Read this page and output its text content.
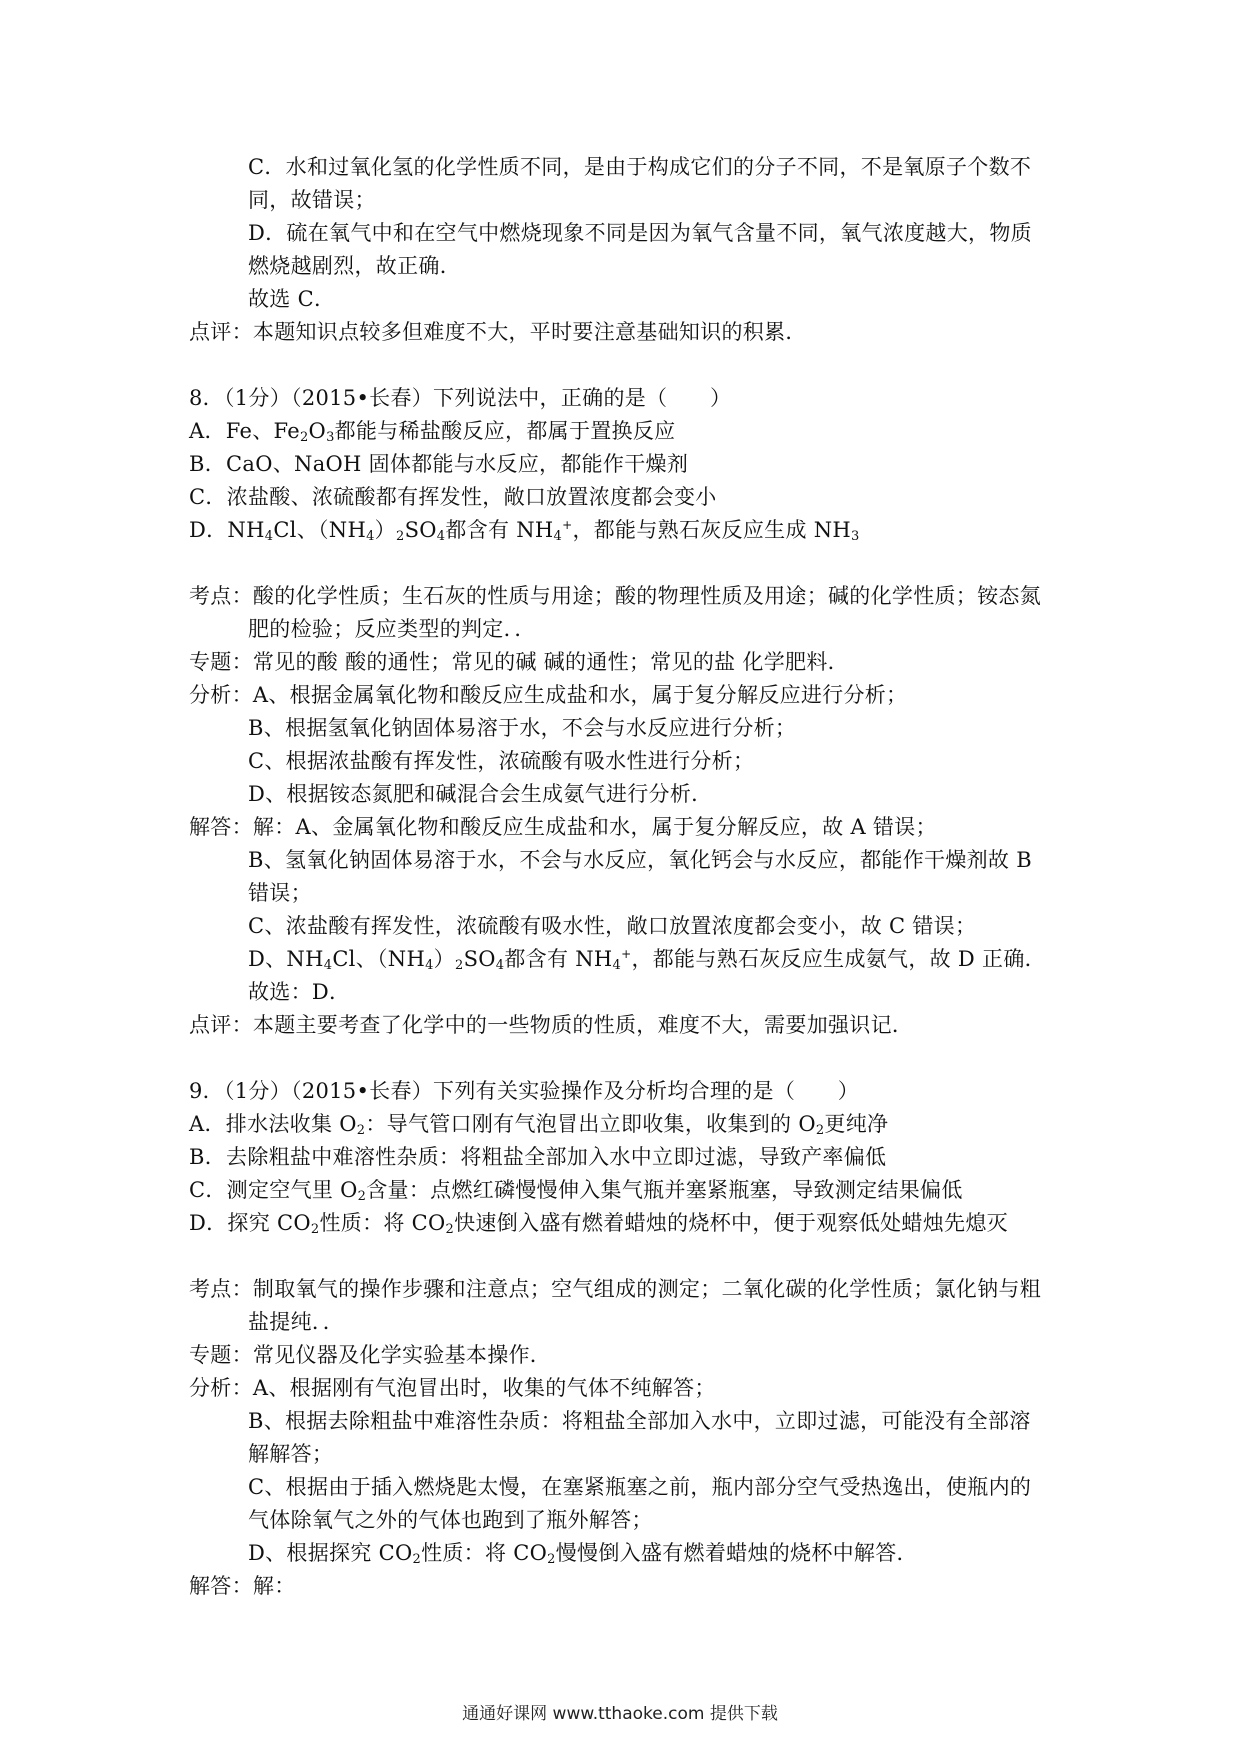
C．水和过氧化氢的化学性质不同，是由于构成它们的分子不同，不是氧原子个数不
同，故错误；
D．硫在氧气中和在空气中燃烧现象不同是因为氧气含量不同，氧气浓度越大，物质
燃烧越剧烈，故正确．
故选 C．
点评：本题知识点较多但难度不大，平时要注意基础知识的积累．
8．（1分）（2015•长春）下列说法中，正确的是（　　）
A．Fe、$Fe_2O_3$都能与稀盐酸反应，都属于置换反应
B．CaO、NaOH 固体都能与水反应，都能作干燥剂
C．浓盐酸、浓硫酸都有挥发性，敞口放置浓度都会变小
D．$NH_4Cl$、$(NH_4)_2SO_4$都含有 $NH_4^+$，都能与熟石灰反应生成 $NH_3$
考点：酸的化学性质；生石灰的性质与用途；酸的物理性质及用途；碱的化学性质；铵态氮
肥的检验；反应类型的判定．．
专题：常见的酸 酸的通性；常见的碱 碱的通性；常见的盐 化学肥料．
分析：A、根据金属氧化物和酸反应生成盐和水，属于复分解反应进行分析；
B、根据氢氧化钠固体易溶于水，不会与水反应进行分析；
C、根据浓盐酸有挥发性，浓硫酸有吸水性进行分析；
D、根据铵态氮肥和碱混合会生成氨气进行分析．
解答：解：A、金属氧化物和酸反应生成盐和水，属于复分解反应，故 A 错误；
B、氢氧化钠固体易溶于水，不会与水反应，氧化钙会与水反应，都能作干燥剂故 B
错误；
C、浓盐酸有挥发性，浓硫酸有吸水性，敞口放置浓度都会变小，故 C 错误；
D、$NH_4Cl$、$(NH_4)_2SO_4$都含有 $NH_4^+$，都能与熟石灰反应生成氨气，故 D 正确．
故选：D．
点评：本题主要考查了化学中的一些物质的性质，难度不大，需要加强识记．
9．（1分）（2015•长春）下列有关实验操作及分析均合理的是（　　）
A．排水法收集 $O_2$：导气管口刚有气泡冒出立即收集，收集到的 $O_2$更纯净
B．去除粗盐中难溶性杂质：将粗盐全部加入水中立即过滤，导致产率偏低
C．测定空气里 $O_2$含量：点燃红磷慢慢伸入集气瓶并塞紧瓶塞，导致测定结果偏低
D．探究 $CO_2$性质：将 $CO_2$快速倒入盛有燃着蜡烛的烧杯中，便于观察低处蜡烛先熄灭
考点：制取氧气的操作步骤和注意点；空气组成的测定；二氧化碳的化学性质；氯化钠与粗
盐提纯．．
专题：常见仪器及化学实验基本操作．
分析：A、根据刚有气泡冒出时，收集的气体不纯解答；
B、根据去除粗盐中难溶性杂质：将粗盐全部加入水中，立即过滤，可能没有全部溶
解解答；
C、根据由于插入燃烧匙太慢，在塞紧瓶塞之前，瓶内部分空气受热逸出，使瓶内的
气体除氧气之外的气体也跑到了瓶外解答；
D、根据探究 $CO_2$性质：将 $CO_2$慢慢倒入盛有燃着蜡烛的烧杯中解答．
解答：解：
通通好课网 www.tthaoke.com 提供下载
